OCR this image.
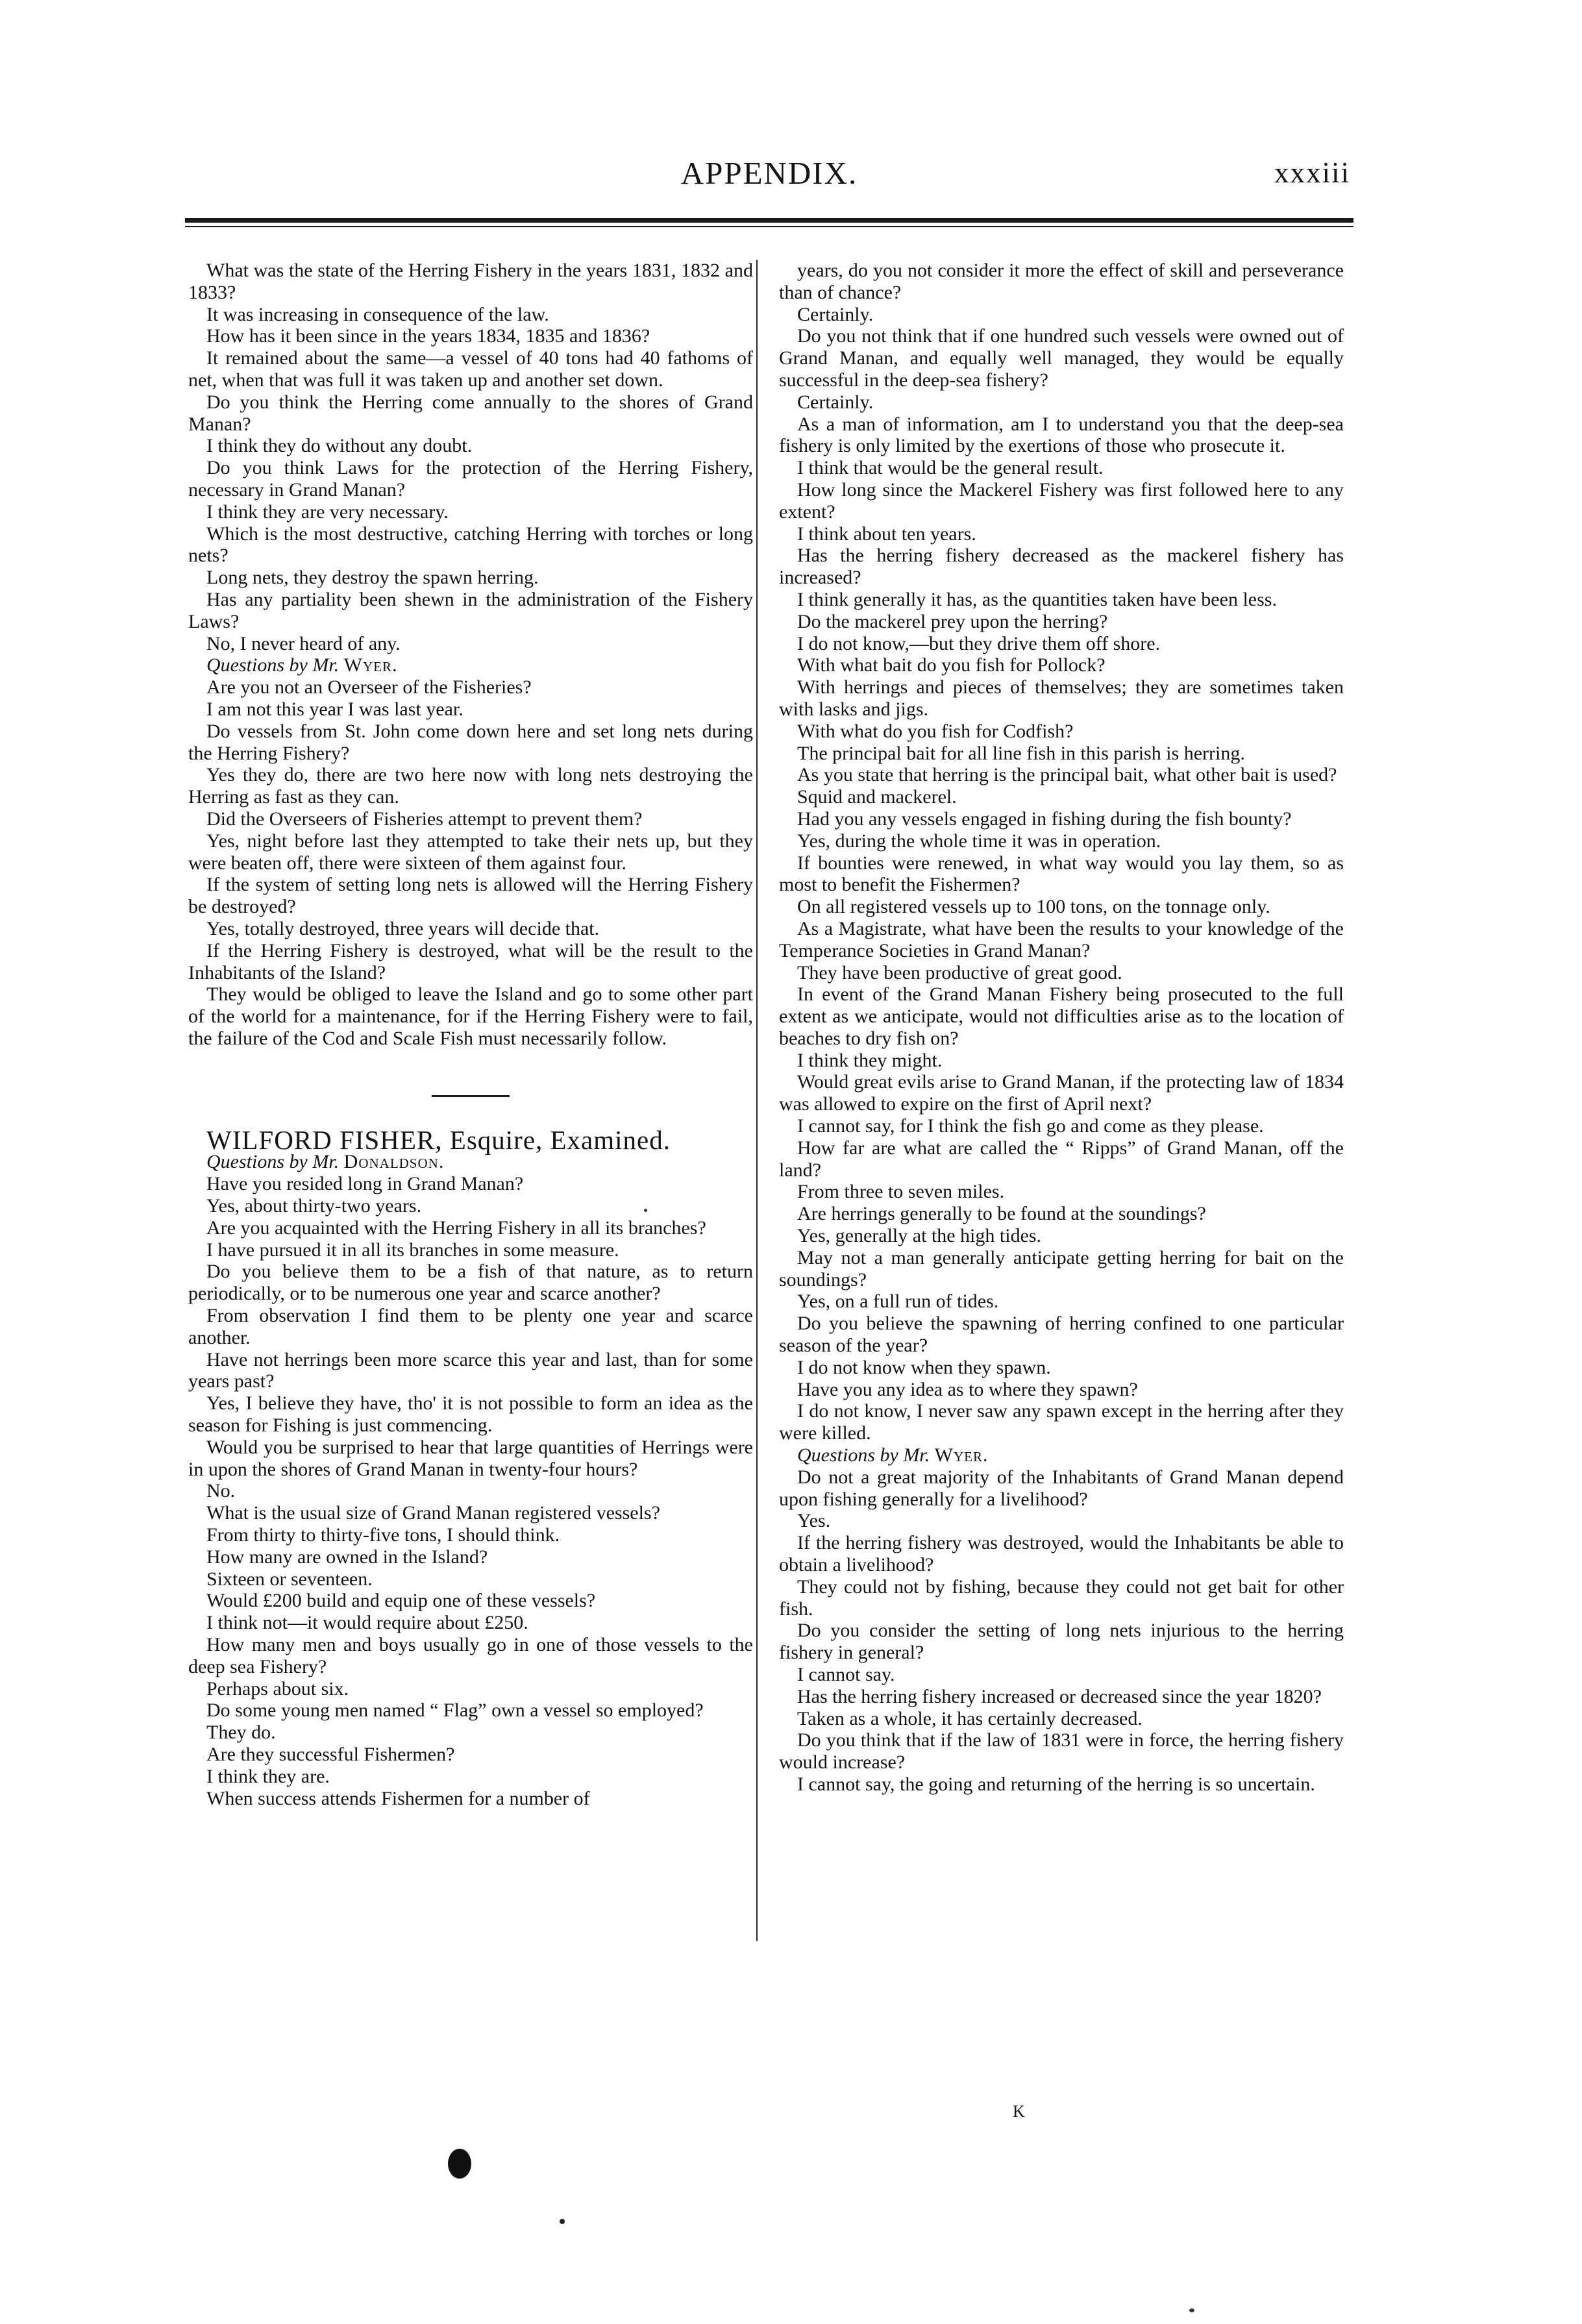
APPENDIX.	xxxiii

What was the state of the Herring Fishery in the years 1831, 1832 and 1833?

It was increasing in consequence of the law.

How has it been since in the years 1834, 1835 and 1836?

It remained about the same—a vessel of 40 tons had 40 fathoms of net, when that was full it was taken up and another set down.

Do you think the Herring come annually to the shores of Grand Manan?

I think they do without any doubt.

Do you think Laws for the protection of the Herring Fishery, necessary in Grand Manan?

I think they are very necessary.

Which is the most destructive, catching Herring with torches or long nets?

Long nets, they destroy the spawn herring.

Has any partiality been shewn in the administration of the Fishery Laws?

No, I never heard of any.

Questions by Mr. Wyer.

Are you not an Overseer of the Fisheries?

I am not this year I was last year.

Do vessels from St. John come down here and set long nets during the Herring Fishery?

Yes they do, there are two here now with long nets destroying the Herring as fast as they can.

Did the Overseers of Fisheries attempt to prevent them?

Yes, night before last they attempted to take their nets up, but they were beaten off, there were sixteen of them against four.

If the system of setting long nets is allowed will the Herring Fishery be destroyed?

Yes, totally destroyed, three years will decide that.

If the Herring Fishery is destroyed, what will be the result to the Inhabitants of the Island?

They would be obliged to leave the Island and go to some other part of the world for a maintenance, for if the Herring Fishery were to fail, the failure of the Cod and Scale Fish must necessarily follow.

WILFORD FISHER, Esquire, Examined.

Questions by Mr. Donaldson.

Have you resided long in Grand Manan?

Yes, about thirty-two years.

Are you acquainted with the Herring Fishery in all its branches?

I have pursued it in all its branches in some measure.

Do you believe them to be a fish of that nature, as to return periodically, or to be numerous one year and scarce another?

From observation I find them to be plenty one year and scarce another.

Have not herrings been more scarce this year and last, than for some years past?

Yes, I believe they have, tho' it is not possible to form an idea as the season for Fishing is just commencing.

Would you be surprised to hear that large quantities of Herrings were in upon the shores of Grand Manan in twenty-four hours?

No.

What is the usual size of Grand Manan registered vessels?

From thirty to thirty-five tons, I should think.

How many are owned in the Island?

Sixteen or seventeen.

Would £200 build and equip one of these vessels?

I think not—it would require about £250.

How many men and boys usually go in one of those vessels to the deep sea Fishery?

Perhaps about six.

Do some young men named “ Flag” own a vessel so employed?

They do.

Are they successful Fishermen?

I think they are.

When success attends Fishermen for a number of

years, do you not consider it more the effect of skill and perseverance than of chance?

Certainly.

Do you not think that if one hundred such vessels were owned out of Grand Manan, and equally well managed, they would be equally successful in the deep-sea fishery?

Certainly.

As a man of information, am I to understand you that the deep-sea fishery is only limited by the exertions of those who prosecute it.

I think that would be the general result.

How long since the Mackerel Fishery was first followed here to any extent?

I think about ten years.

Has the herring fishery decreased as the mackerel fishery has increased?

I think generally it has, as the quantities taken have been less.

Do the mackerel prey upon the herring?

I do not know,—but they drive them off shore.

With what bait do you fish for Pollock?

With herrings and pieces of themselves; they are sometimes taken with lasks and jigs.

With what do you fish for Codfish?

The principal bait for all line fish in this parish is herring.

As you state that herring is the principal bait, what other bait is used?

Squid and mackerel.

Had you any vessels engaged in fishing during the fish bounty?

Yes, during the whole time it was in operation.

If bounties were renewed, in what way would you lay them, so as most to benefit the Fishermen?

On all registered vessels up to 100 tons, on the tonnage only.

As a Magistrate, what have been the results to your knowledge of the Temperance Societies in Grand Manan?

They have been productive of great good.

In event of the Grand Manan Fishery being prosecuted to the full extent as we anticipate, would not difficulties arise as to the location of beaches to dry fish on?

I think they might.

Would great evils arise to Grand Manan, if the protecting law of 1834 was allowed to expire on the first of April next?

I cannot say, for I think the fish go and come as they please.

How far are what are called the “ Ripps” of Grand Manan, off the land?

From three to seven miles.

Are herrings generally to be found at the soundings?

Yes, generally at the high tides.

May not a man generally anticipate getting herring for bait on the soundings?

Yes, on a full run of tides.

Do you believe the spawning of herring confined to one particular season of the year?

I do not know when they spawn.

Have you any idea as to where they spawn?

I do not know, I never saw any spawn except in the herring after they were killed.

Questions by Mr. Wyer.

Do not a great majority of the Inhabitants of Grand Manan depend upon fishing generally for a livelihood?

Yes.

If the herring fishery was destroyed, would the Inhabitants be able to obtain a livelihood?

They could not by fishing, because they could not get bait for other fish.

Do you consider the setting of long nets injurious to the herring fishery in general?

I cannot say.

Has the herring fishery increased or decreased since the year 1820?

Taken as a whole, it has certainly decreased.

Do you think that if the law of 1831 were in force, the herring fishery would increase?

I cannot say, the going and returning of the herring is so uncertain.

K
